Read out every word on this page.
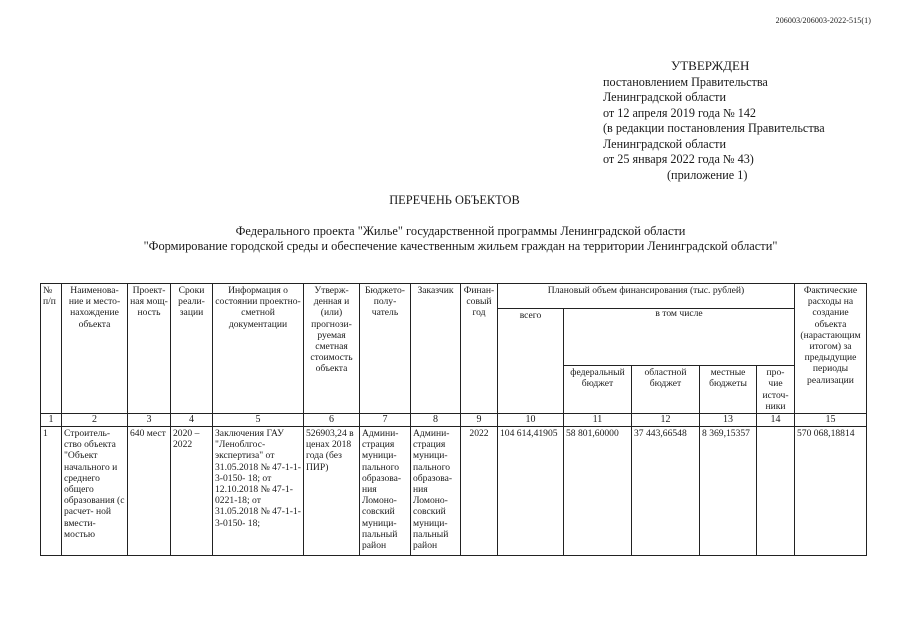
206003/206003-2022-515(1)
УТВЕРЖДЕН
постановлением Правительства
Ленинградской области
от 12 апреля 2019 года № 142
(в редакции постановления Правительства
Ленинградской области
от 25 января 2022 года № 43)
(приложение 1)
ПЕРЕЧЕНЬ ОБЪЕКТОВ
Федерального проекта "Жилье" государственной программы Ленинградской области
"Формирование городской среды и обеспечение качественным жильем граждан на территории Ленинградской области"
№ п/п	Наименова- ние и место- нахождение объекта	Проект- ная мощ- ность	Сроки реали- зации	Информация о состоянии проектно-сметной документации	Утверж- денная и (или) прогнози- руемая сметная стоимость объекта	Бюджето- полу- чатель	Заказчик	Финан- совый год	Плановый объем финансирования (тыс. рублей)					Фактические расходы на создание объекта (нарастающим итогом) за предыдущие периоды реализации
									всего	в том числе				
										федеральный бюджет	областной бюджет	местные бюджеты	про- чие источ- ники	
1	2	3	4	5	6	7	8	9	10	11	12	13	14	15
1	Строитель- ство объекта "Объект начального и среднего общего образования (с расчет- ной вмести- мостью	640 мест	2020 – 2022	Заключения ГАУ "Леноблгос- экспертиза" от 31.05.2018 № 47-1-1-3-0150- 18; от 12.10.2018 № 47-1-0221-18; от 31.05.2018 № 47-1-1-3-0150- 18;	526903,24 в ценах 2018 года (без ПИР)	Админи- страция муници- пального образова- ния Ломоно- совский муници- пальный район	Админи- страция муници- пального образова- ния Ломоно- совский муници- пальный район	2022	104 614,41905	58 801,60000	37 443,66548	8 369,15357		570 068,18814
